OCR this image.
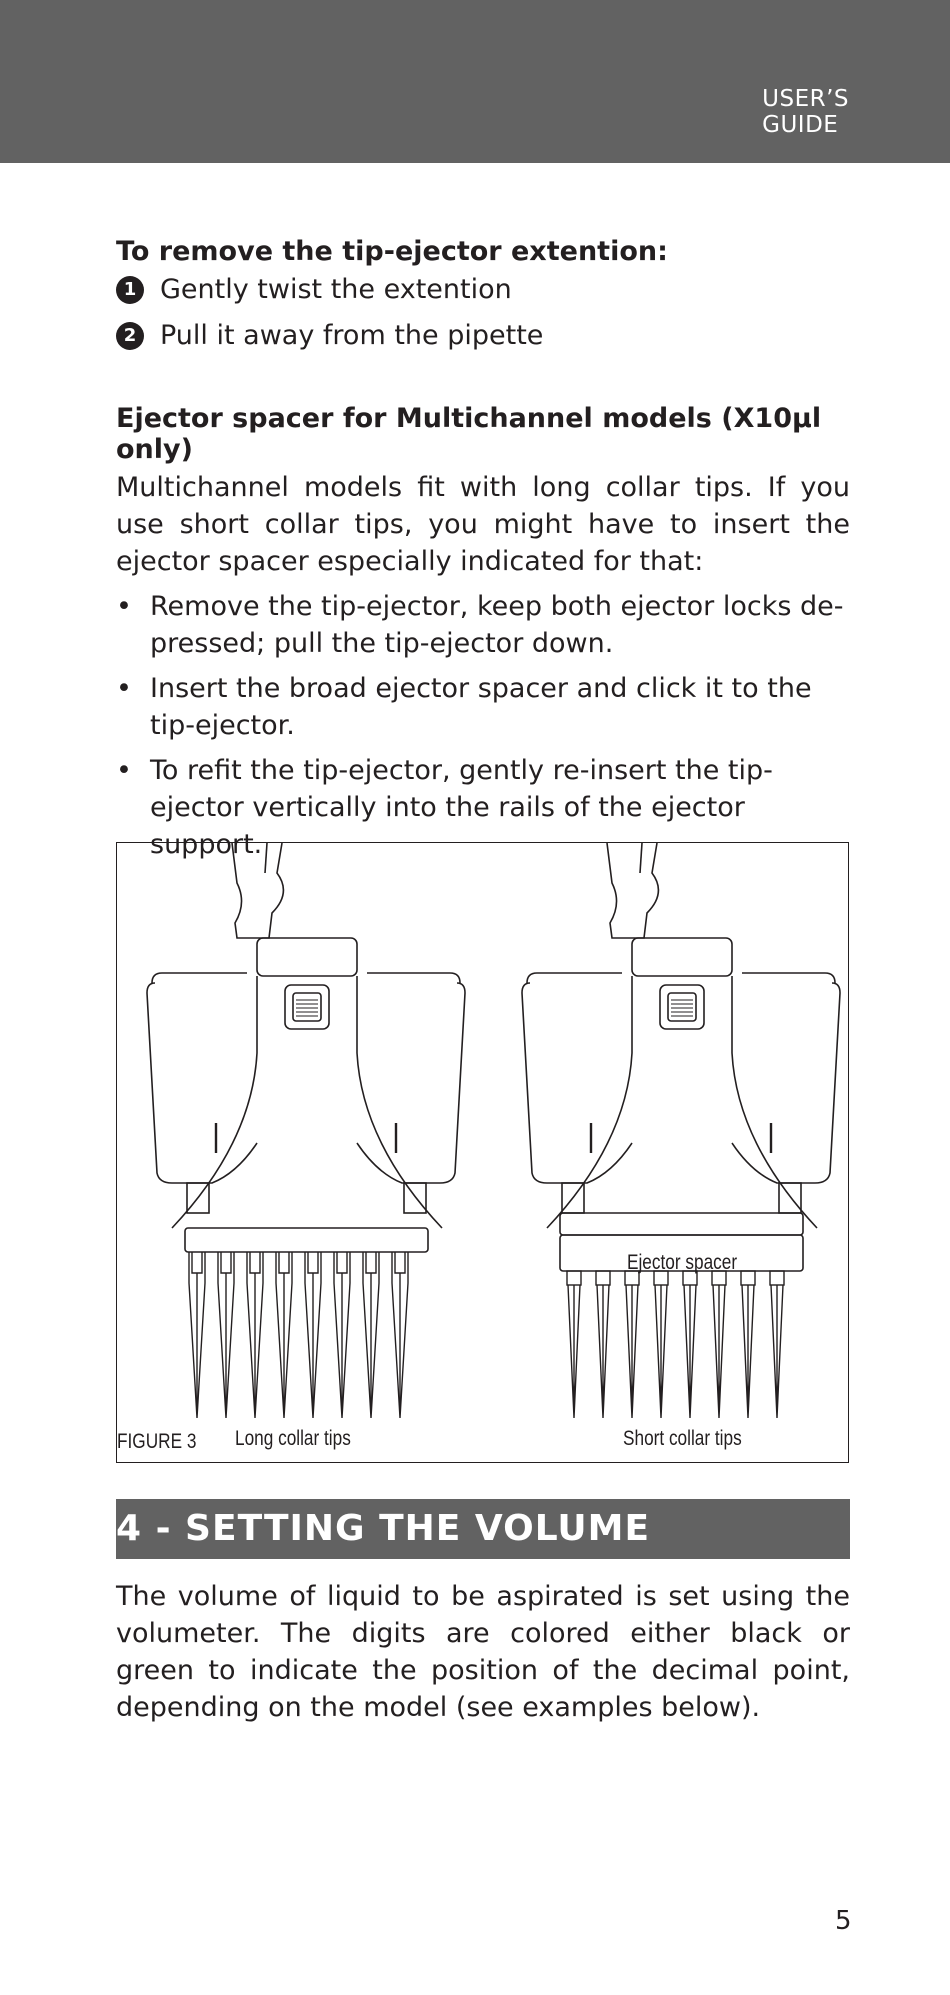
USER’S
GUIDE
To remove the tip-ejector extention:
1 Gently twist the extention
2 Pull it away from the pipette
Ejector spacer for Multichannel models (X10µl only)
Multichannel models fit with long collar tips. If you use short collar tips, you might have to insert the ejector spacer especially indicated for that:
• Remove the tip-ejector, keep both ejector locks de-pressed; pull the tip-ejector down.
• Insert the broad ejector spacer and click it to the tip-ejector.
• To refit the tip-ejector, gently re-insert the tip-ejector vertically into the rails of the ejector support.
FIGURE 3 Long collar tips	Short collar tips
Ejector spacer
4 - SETTING THE VOLUME
The volume of liquid to be aspirated is set using the volumeter. The digits are colored either black or green to indicate the position of the decimal point, depending on the model (see examples below).
5
